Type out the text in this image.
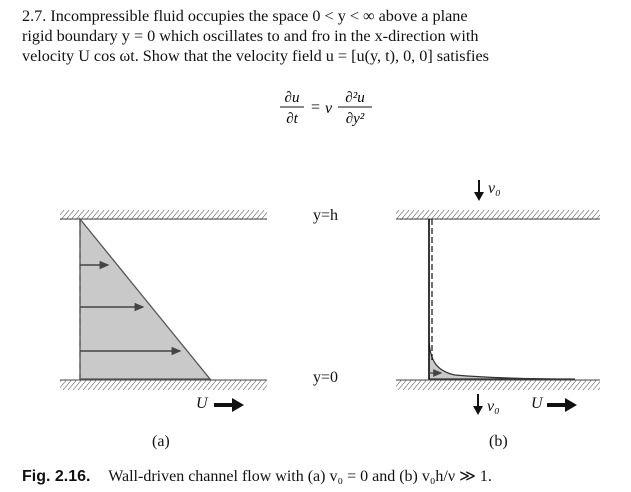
2.7. Incompressible fluid occupies the space 0 < y < ∞ above a plane
rigid boundary y = 0 which oscillates to and fro in the x-direction with
velocity U cos ωt. Show that the velocity field u = [u(y, t), 0, 0] satisfies
∂u
∂t
= ν
∂²u
∂y²
y=h
y=0
U	U
v₀
v₀
(a)	(b)
Fig. 2.16. Wall-driven channel flow with (a) v₀ = 0 and (b) v₀h/ν ≫ 1.
